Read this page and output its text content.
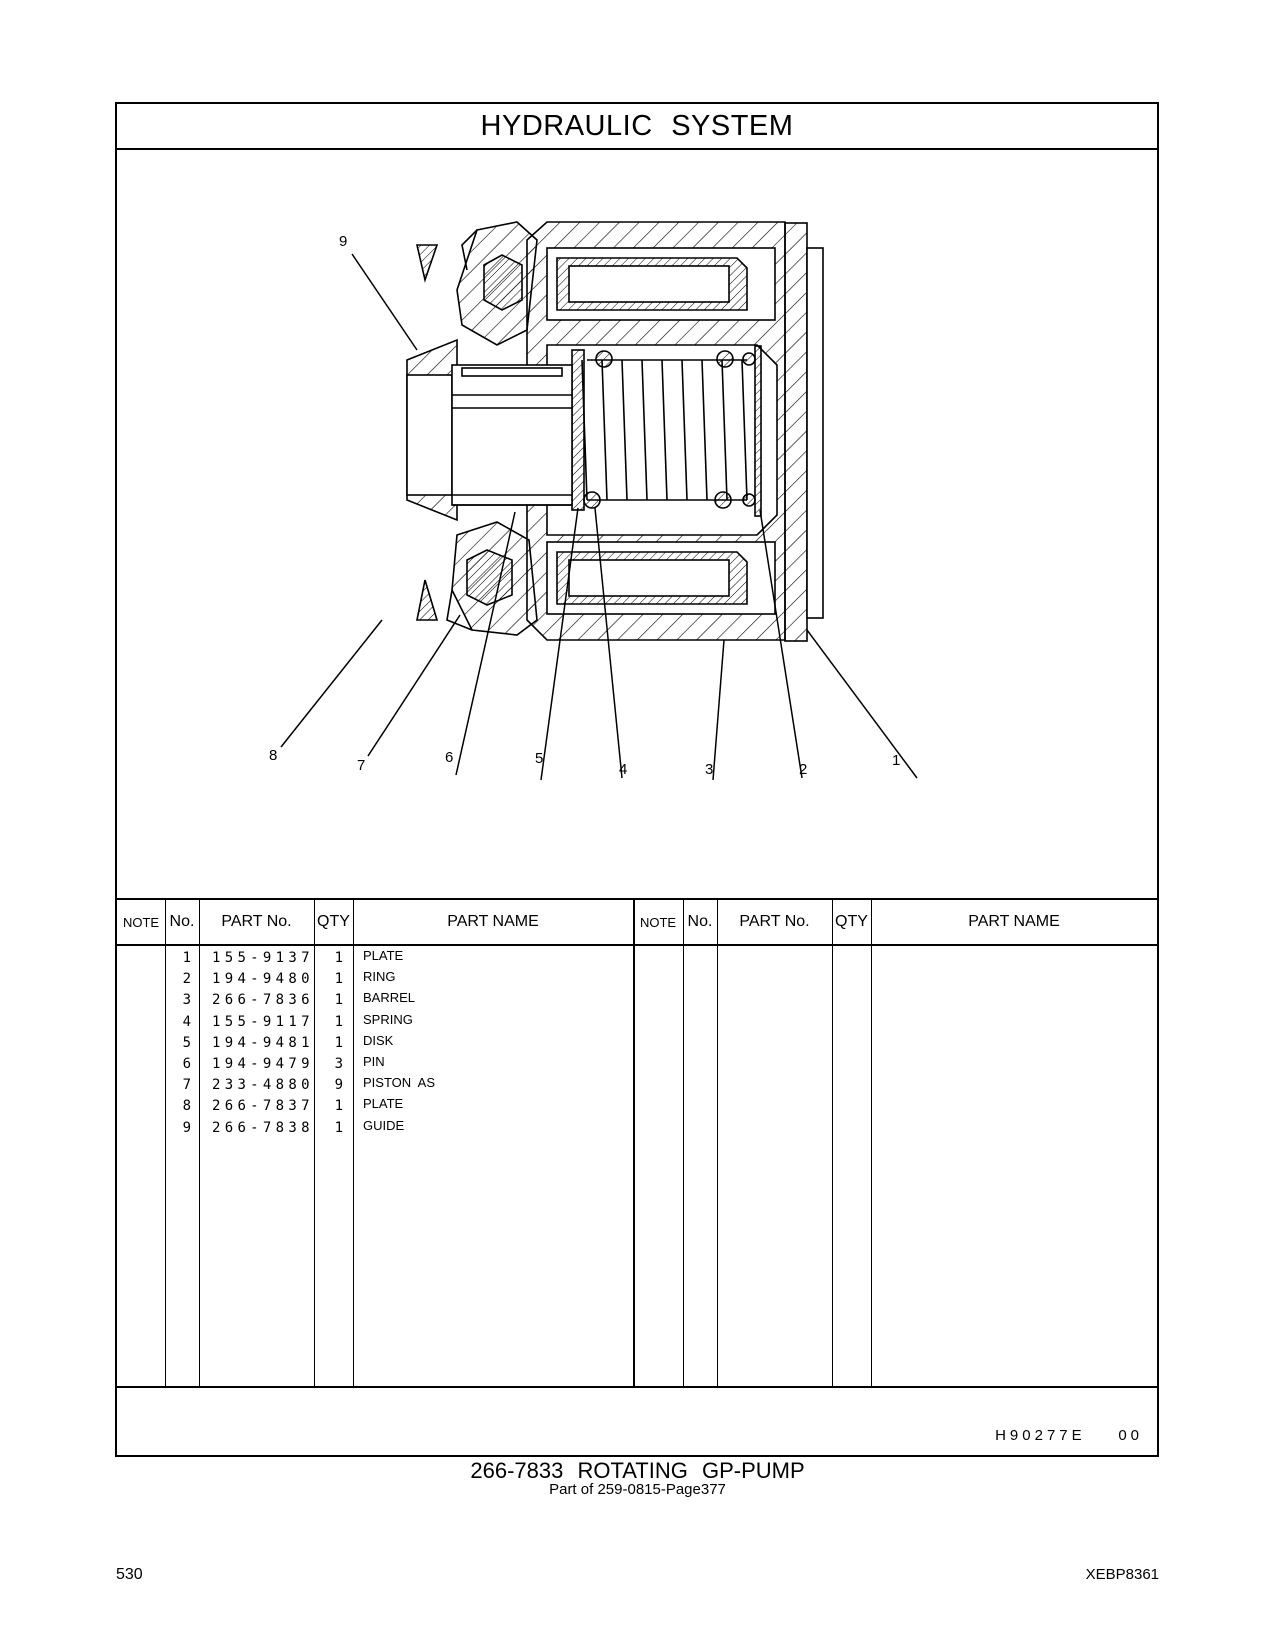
HYDRAULIC SYSTEM
9
1
2
3
4
5
6
7
8
NOTE No.	PART No.	QTY	PART NAME	NOTE No.	PART No.	QTY	PART NAME
1 155-9137	1 PLATE
2 194-9480	1 RING
3 266-7836	1 BARREL
4 155-9117	1 SPRING
5 194-9481	1 DISK
6 194-9479	3 PIN
7 233-4880	9 PISTON  AS
8 266-7837	1 PLATE
9 266-7838	1 GUIDE
H90277E    00
266-7833 ROTATING GP-PUMP
Part of 259-0815-Page377
530	XEBP8361
